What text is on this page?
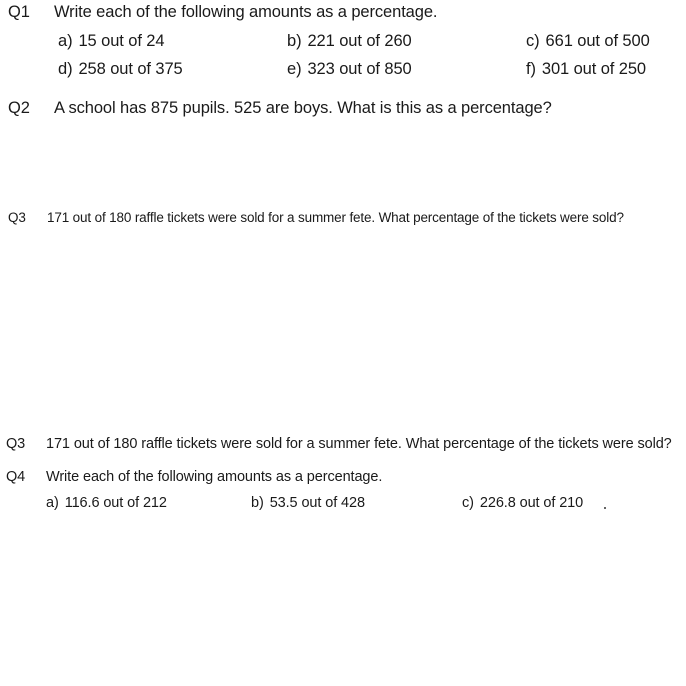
Q1 Write each of the following amounts as a percentage.
a) 15 out of 24	b) 221 out of 260	c) 661 out of 500
d) 258 out of 375	e) 323 out of 850	f) 301 out of 250
Q2 A school has 875 pupils. 525 are boys. What is this as a percentage?
Q3 171 out of 180 raffle tickets were sold for a summer fete. What percentage of the tickets were sold?
Q3 171 out of 180 raffle tickets were sold for a summer fete. What percentage of the tickets were sold?
Q4 Write each of the following amounts as a percentage.
a) 116.6 out of 212	b) 53.5 out of 428	c) 226.8 out of 210
